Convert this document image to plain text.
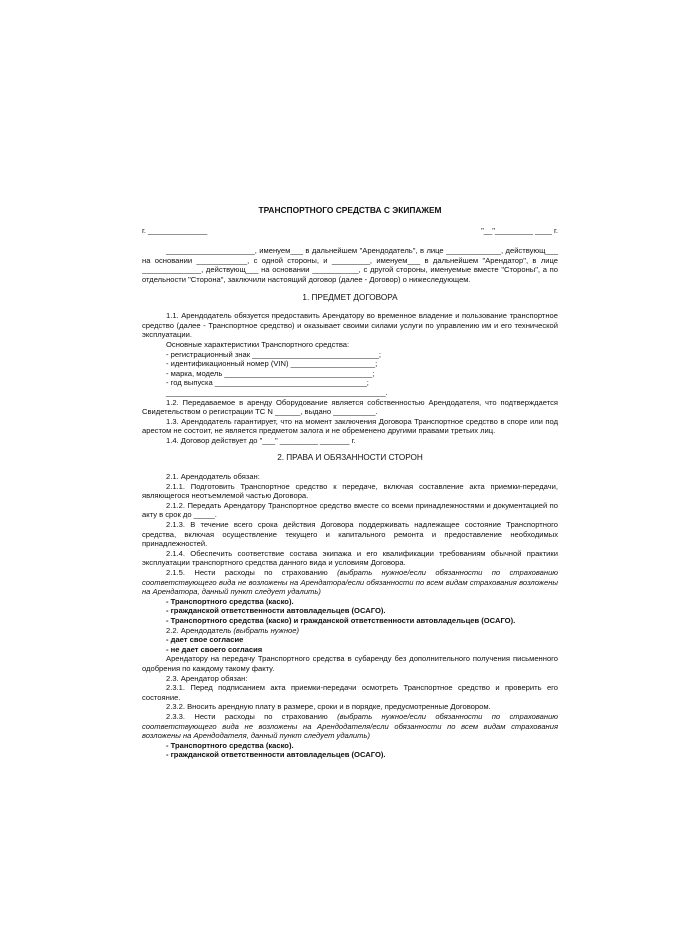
ТРАНСПОРТНОГО СРЕДСТВА С ЭКИПАЖЕМ
г. ______________	"__"_________ ____ г.

_____________________, именуем___ в дальнейшем "Арендодатель", в лице _____________, действующ___ на основании ____________, с одной стороны, и _________, именуем___ в дальнейшем "Арендатор", в лице ______________, действующ___ на основании ___________, с другой стороны, именуемые вместе "Стороны", а по отдельности "Сторона", заключили настоящий договор (далее - Договор) о нижеследующем.

1. ПРЕДМЕТ ДОГОВОРА

1.1. Арендодатель обязуется предоставить Арендатору во временное владение и пользование транспортное средство (далее - Транспортное средство) и оказывает своими силами услуги по управлению им и его технической эксплуатации.

Основные характеристики Транспортного средства:

- регистрационный знак ______________________________;

- идентификационный номер (VIN) ____________________;

- марка, модель ___________________________________;

- год выпуска ____________________________________;

____________________________________________________.

1.2. Передаваемое в аренду Оборудование является собственностью Арендодателя, что подтверждается Свидетельством о регистрации ТС N ______, выдано __________.

1.3. Арендодатель гарантирует, что на момент заключения Договора Транспортное средство в споре или под арестом не состоит, не является предметом залога и не обременено другими правами третьих лиц.

1.4. Договор действует до "___" _________ _______ г.

2. ПРАВА И ОБЯЗАННОСТИ СТОРОН

2.1. Арендодатель обязан:

2.1.1. Подготовить Транспортное средство к передаче, включая составление акта приемки-передачи, являющегося неотъемлемой частью Договора.

2.1.2. Передать Арендатору Транспортное средство вместе со всеми принадлежностями и документацией по акту в срок до _____.

2.1.3. В течение всего срока действия Договора поддерживать надлежащее состояние Транспортного средства, включая осуществление текущего и капитального ремонта и предоставление необходимых принадлежностей.

2.1.4. Обеспечить соответствие состава экипажа и его квалификации требованиям обычной практики эксплуатации транспортного средства данного вида и условиям Договора.

2.1.5. Нести расходы по страхованию (выбрать нужное/если обязанности по страхованию соответствующего вида не возложены на Арендатора/если обязанности по всем видам страхования возложены на Арендатора, данный пункт следует удалить)

- Транспортного средства (каско).

- гражданской ответственности автовладельцев (ОСАГО).

- Транспортного средства (каско) и гражданской ответственности автовладельцев (ОСАГО).

2.2. Арендодатель (выбрать нужное)

- дает свое согласие

- не дает своего согласия

Арендатору на передачу Транспортного средства в субаренду без дополнительного получения письменного одобрения по каждому такому факту.

2.3. Арендатор обязан:

2.3.1. Перед подписанием акта приемки-передачи осмотреть Транспортное средство и проверить его состояние.

2.3.2. Вносить арендную плату в размере, сроки и в порядке, предусмотренные Договором.

2.3.3. Нести расходы по страхованию (выбрать нужное/если обязанности по страхованию соответствующего вида не возложены на Арендодателя/если обязанности по всем видам страхования возложены на Арендодателя, данный пункт следует удалить)

- Транспортного средства (каско).

- гражданской ответственности автовладельцев (ОСАГО).
